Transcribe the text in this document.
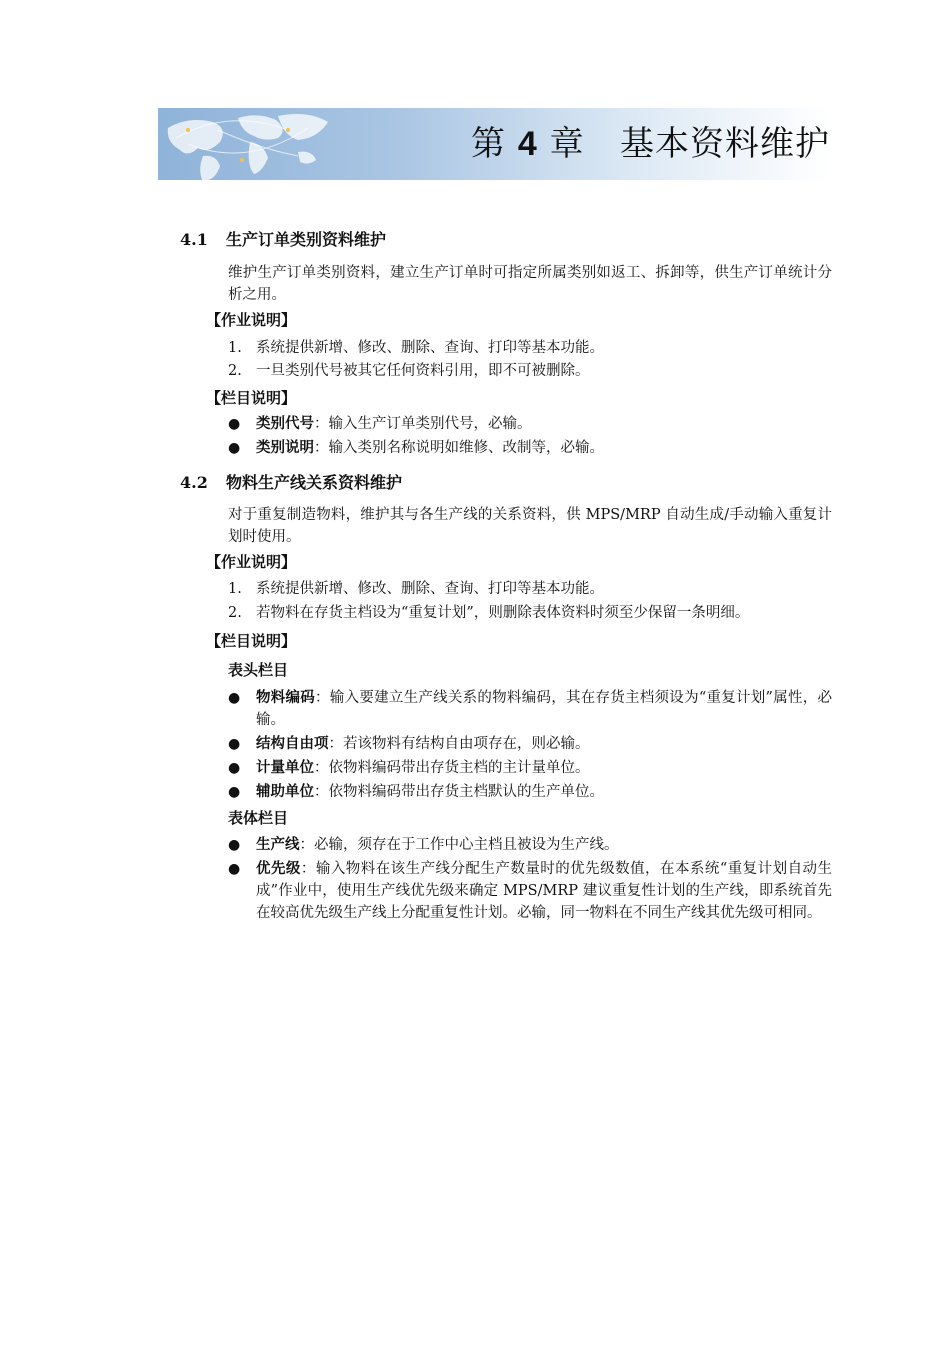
第 4 章 基本资料维护
4.1 生产订单类别资料维护
维护生产订单类别资料，建立生产订单时可指定所属类别如返工、拆卸等，供生产订单统计分析之用。
【作业说明】
1. 系统提供新增、修改、删除、查询、打印等基本功能。
2. 一旦类别代号被其它任何资料引用，即不可被删除。
【栏目说明】
●	类别代号：输入生产订单类别代号，必输。
●	类别说明：输入类别名称说明如维修、改制等，必输。
4.2 物料生产线关系资料维护
对于重复制造物料，维护其与各生产线的关系资料，供 MPS/MRP 自动生成/手动输入重复计划时使用。
【作业说明】
1. 系统提供新增、修改、删除、查询、打印等基本功能。
2. 若物料在存货主档设为“重复计划”，则删除表体资料时须至少保留一条明细。
【栏目说明】
表头栏目
●	物料编码：输入要建立生产线关系的物料编码，其在存货主档须设为“重复计划”属性，必输。
●	结构自由项：若该物料有结构自由项存在，则必输。
●	计量单位：依物料编码带出存货主档的主计量单位。
●	辅助单位：依物料编码带出存货主档默认的生产单位。
表体栏目
●	生产线：必输，须存在于工作中心主档且被设为生产线。
●	优先级：输入物料在该生产线分配生产数量时的优先级数值，在本系统“重复计划自动生成”作业中，使用生产线优先级来确定 MPS/MRP 建议重复性计划的生产线，即系统首先在较高优先级生产线上分配重复性计划。必输，同一物料在不同生产线其优先级可相同。
